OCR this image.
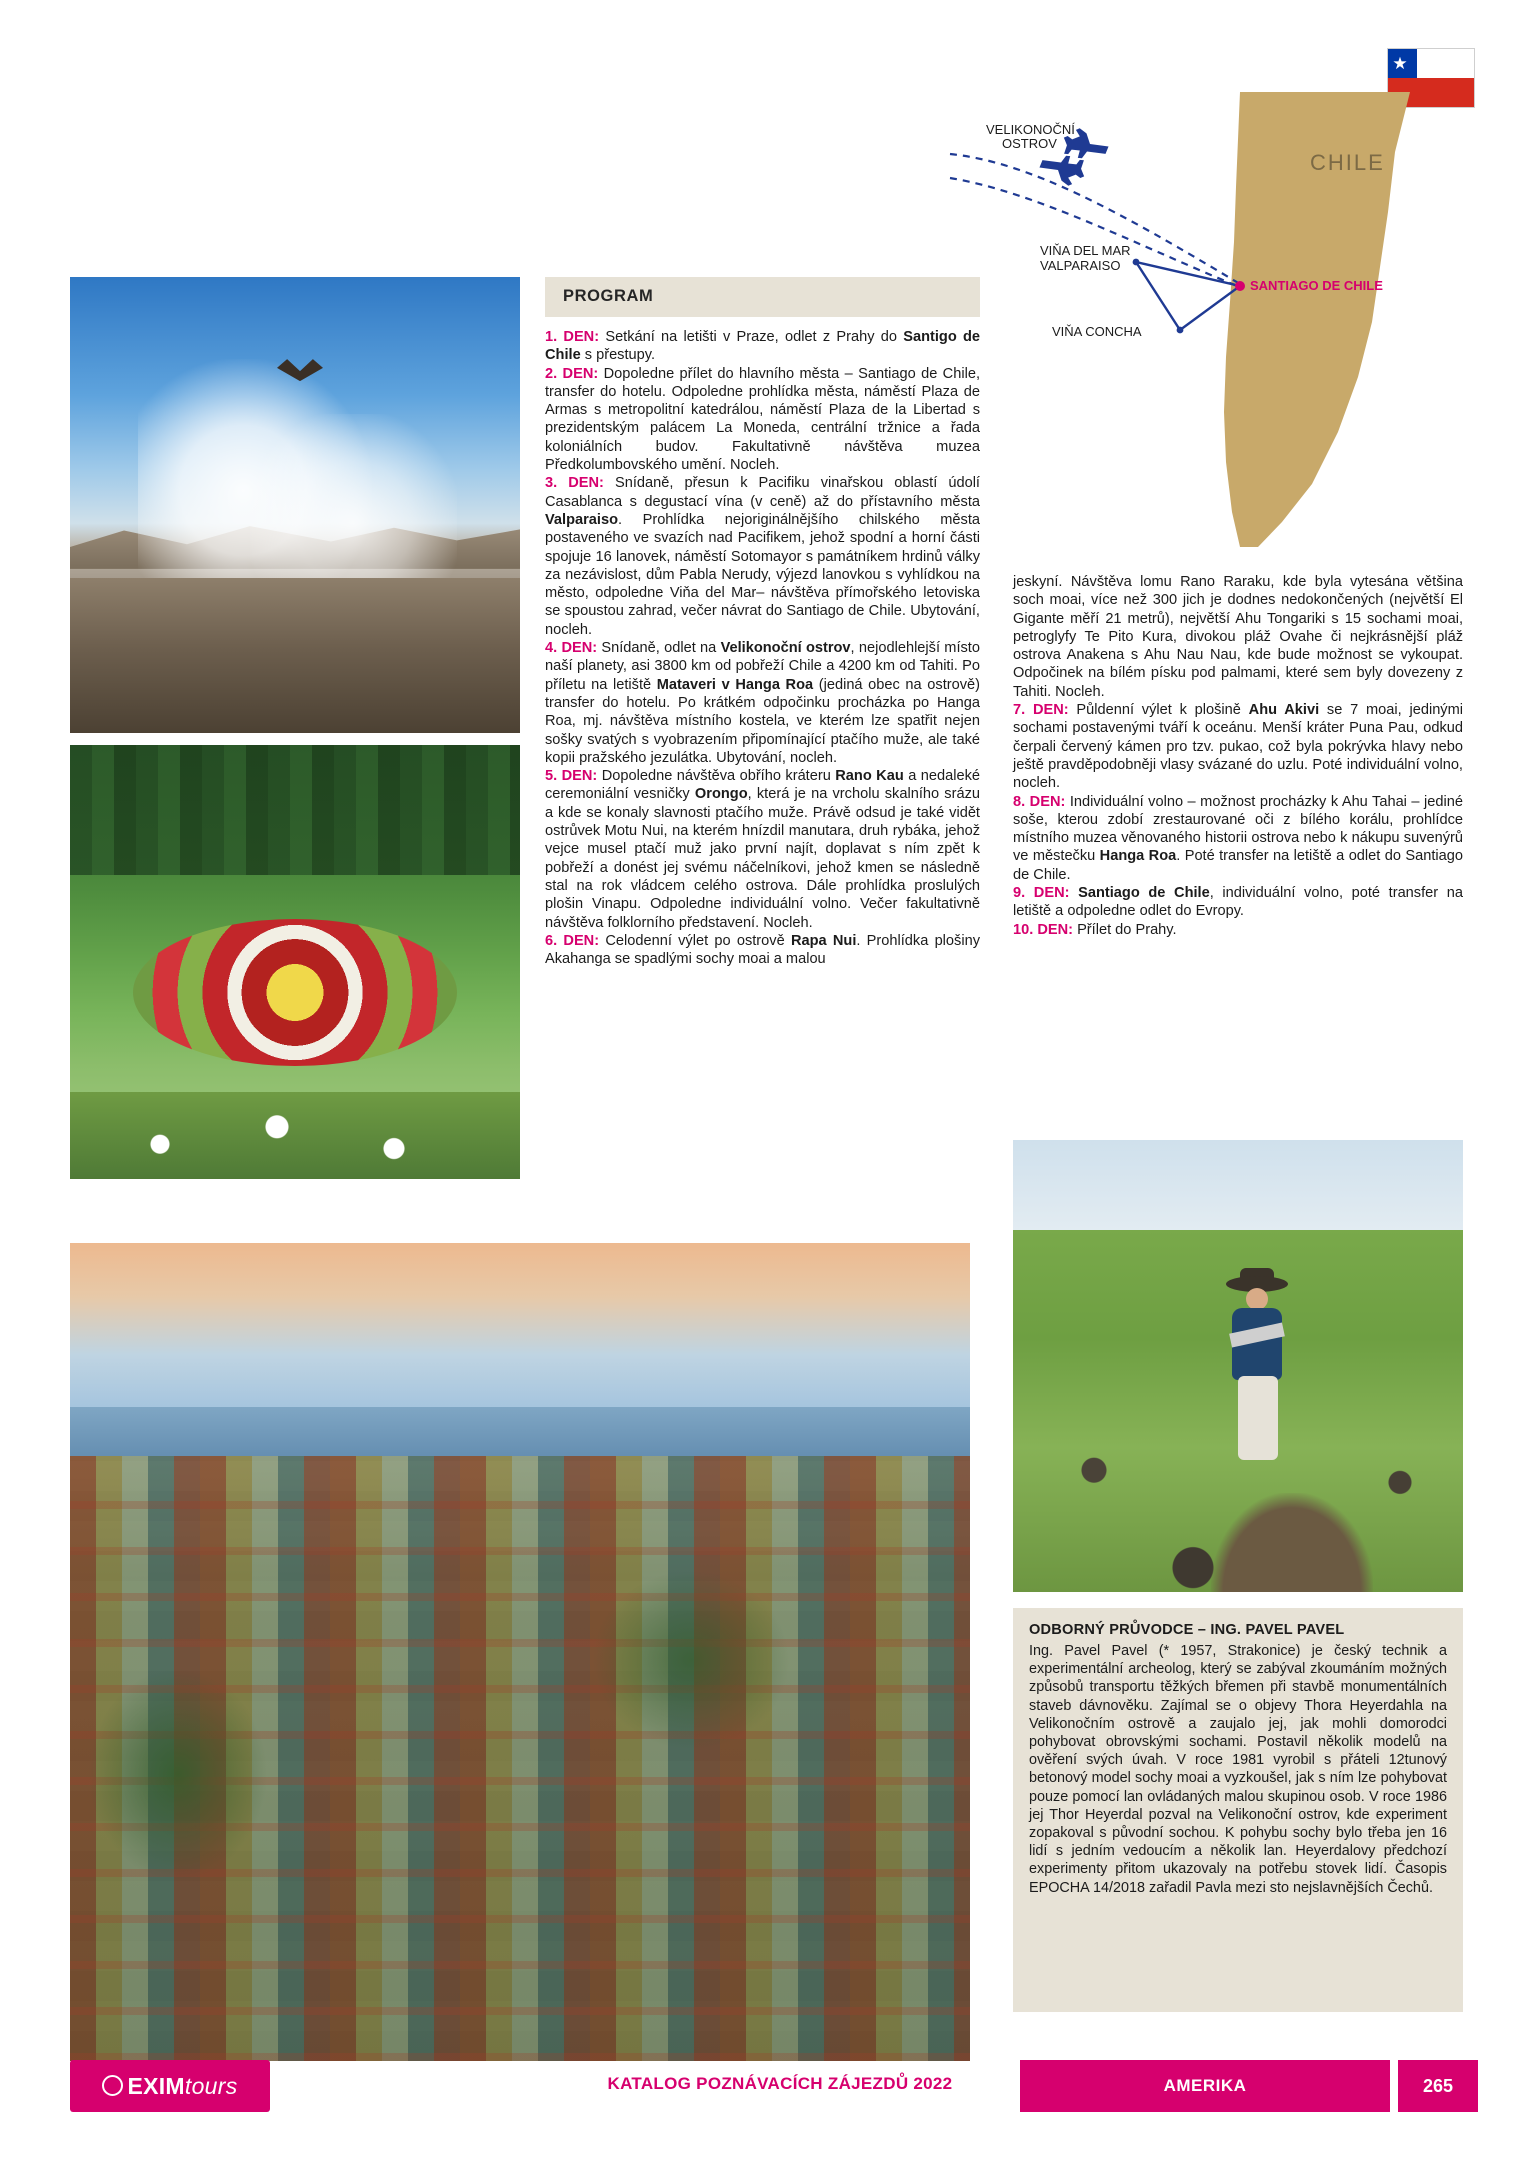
★
VELIKONOČNÍ
OSTROV
VIŇA DEL MAR
VALPARAISO
SANTIAGO DE CHILE
VIŇA CONCHA
CHILE
PROGRAM
1. DEN: Setkání na letišti v Praze, odlet z Prahy do Santigo de Chile s přestupy.
2. DEN: Dopoledne přílet do hlavního města – Santiago de Chile, transfer do hotelu. Odpoledne prohlídka města, náměstí Plaza de Armas s metropolitní katedrálou, náměstí Plaza de la Libertad s prezidentským palácem La Moneda, centrální tržnice a řada koloniálních budov. Fakultativně návštěva muzea Předkolumbovského umění. Nocleh.
3. DEN: Snídaně, přesun k Pacifiku vinařskou oblastí údolí Casablanca s degustací vína (v ceně) až do přístavního města Valparaiso. Prohlídka nejoriginálnějšího chilského města postaveného ve svazích nad Pacifikem, jehož spodní a horní části spojuje 16 lanovek, náměstí Sotomayor s památníkem hrdinů války za nezávislost, dům Pabla Nerudy, výjezd lanovkou s vyhlídkou na město, odpoledne Viňa del Mar– návštěva přímořského letoviska se spoustou zahrad, večer návrat do Santiago de Chile. Ubytování, nocleh.
4. DEN: Snídaně, odlet na Velikonoční ostrov, nejodlehlejší místo naší planety, asi 3800 km od pobřeží Chile a 4200 km od Tahiti. Po příletu na letiště Mataveri v Hanga Roa (jediná obec na ostrově) transfer do hotelu. Po krátkém odpočinku procházka po Hanga Roa, mj. návštěva místního kostela, ve kterém lze spatřit nejen sošky svatých s vyobrazením připomínající ptačího muže, ale také kopii pražského jezulátka. Ubytování, nocleh.
5. DEN: Dopoledne návštěva obřího kráteru Rano Kau a nedaleké ceremoniální vesničky Orongo, která je na vrcholu skalního srázu a kde se konaly slavnosti ptačího muže. Právě odsud je také vidět ostrůvek Motu Nui, na kterém hnízdil manutara, druh rybáka, jehož vejce musel ptačí muž jako první najít, doplavat s ním zpět k pobřeží a donést jej svému náčelníkovi, jehož kmen se následně stal na rok vládcem celého ostrova. Dále prohlídka proslulých plošin Vinapu. Odpoledne individuální volno. Večer fakultativně návštěva folklorního představení. Nocleh.
6. DEN: Celodenní výlet po ostrově Rapa Nui. Prohlídka plošiny Akahanga se spadlými sochy moai a malou
jeskyní. Návštěva lomu Rano Raraku, kde byla vytesána většina soch moai, více než 300 jich je dodnes nedokončených (největší El Gigante měří 21 metrů), největší Ahu Tongariki s 15 sochami moai, petroglyfy Te Pito Kura, divokou pláž Ovahe či nejkrásnější pláž ostrova Anakena s Ahu Nau Nau, kde bude možnost se vykoupat. Odpočinek na bílém písku pod palmami, které sem byly dovezeny z Tahiti. Nocleh.
7. DEN: Půldenní výlet k plošině Ahu Akivi se 7 moai, jedinými sochami postavenými tváří k oceánu. Menší kráter Puna Pau, odkud čerpali červený kámen pro tzv. pukao, což byla pokrývka hlavy nebo ještě pravděpodobněji vlasy svázané do uzlu. Poté individuální volno, nocleh.
8. DEN: Individuální volno – možnost procházky k Ahu Tahai – jediné soše, kterou zdobí zrestaurované oči z bílého korálu, prohlídce místního muzea věnovaného historii ostrova nebo k nákupu suvenýrů ve městečku Hanga Roa. Poté transfer na letiště a odlet do Santiago de Chile.
9. DEN: Santiago de Chile, individuální volno, poté transfer na letiště a odpoledne odlet do Evropy.
10. DEN: Přílet do Prahy.
ODBORNÝ PRŮVODCE – ING. PAVEL PAVEL

Ing. Pavel Pavel (* 1957, Strakonice) je český technik a experimentální archeolog, který se zabýval zkoumáním možných způsobů transportu těžkých břemen při stavbě monumentálních staveb dávnověku. Zajímal se o objevy Thora Heyerdahla na Velikonočním ostrově a zaujalo jej, jak mohli domorodci pohybovat obrovskými sochami. Postavil několik modelů na ověření svých úvah. V roce 1981 vyrobil s přáteli 12tunový betonový model sochy moai a vyzkoušel, jak s ním lze pohybovat pouze pomocí lan ovládaných malou skupinou osob. V roce 1986 jej Thor Heyerdal pozval na Velikonoční ostrov, kde experiment zopakoval s původní sochou. K pohybu sochy bylo třeba jen 16 lidí s jedním vedoucím a několik lan. Heyerdalovy předchozí experimenty přitom ukazovaly na potřebu stovek lidí. Časopis EPOCHA 14/2018 zařadil Pavla mezi sto nejslavnějších Čechů.

EXIMtours	KATALOG POZNÁVACÍCH ZÁJEZDŮ 2022	AMERIKA	265
